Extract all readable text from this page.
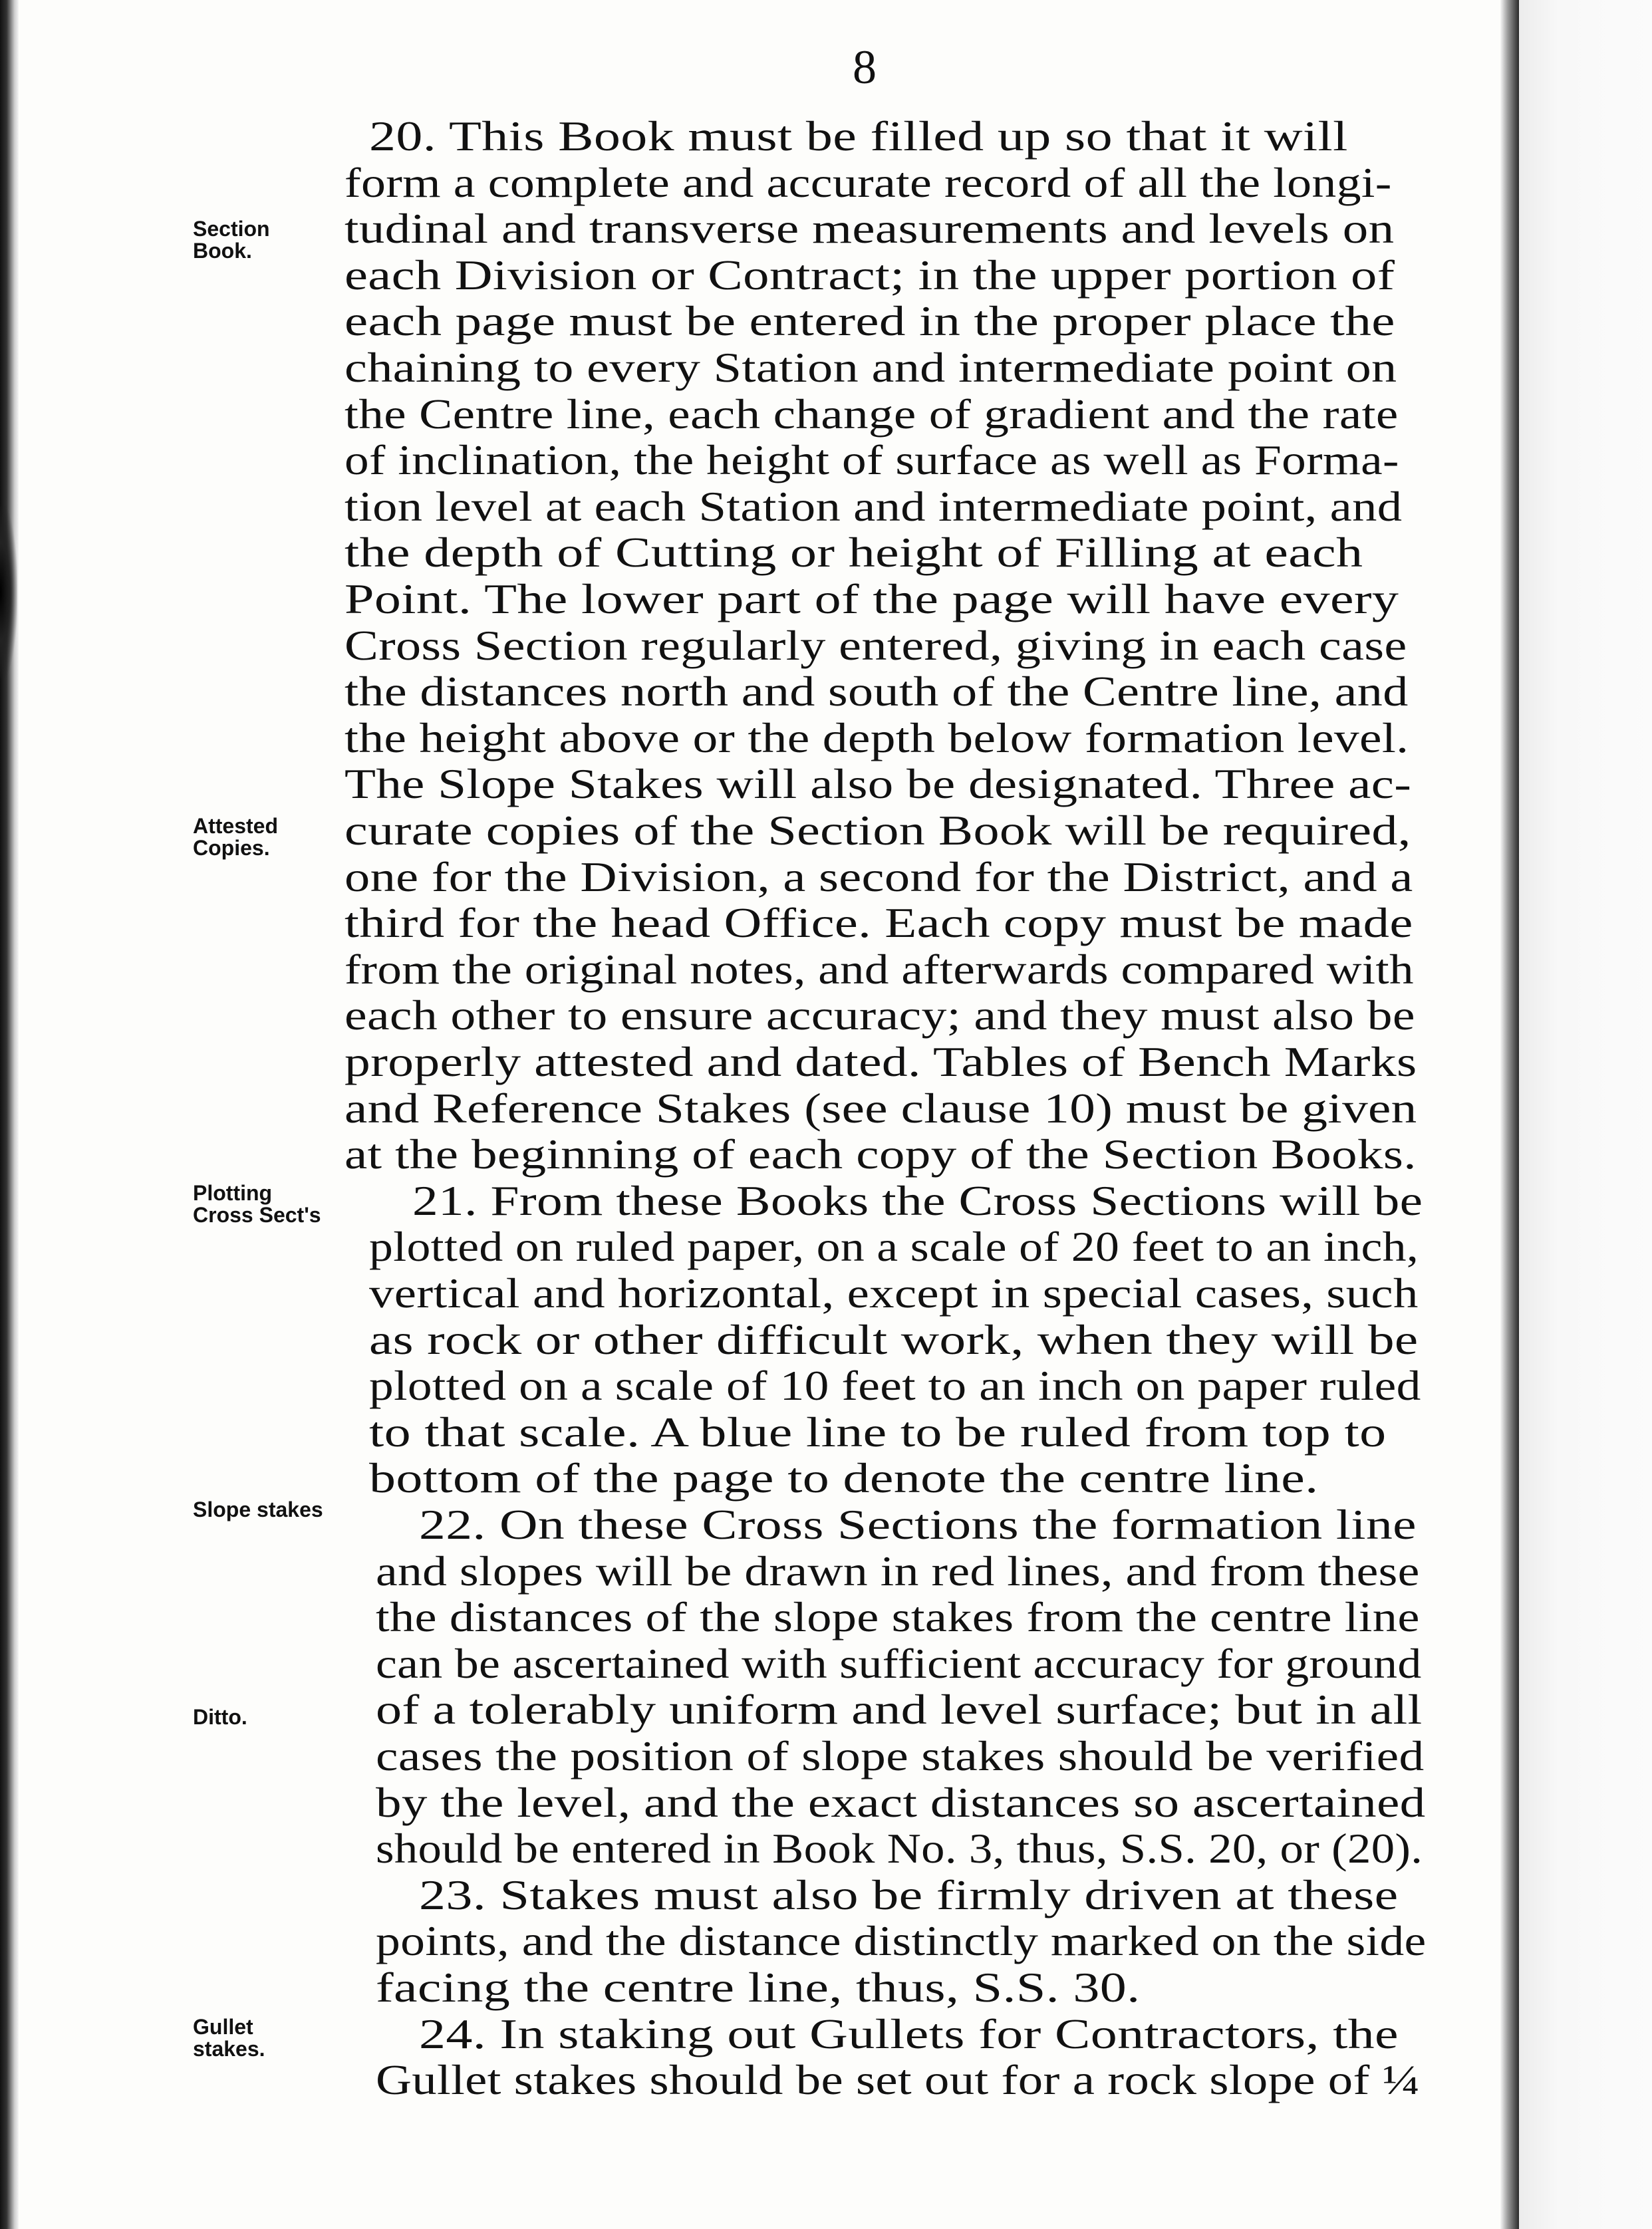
8
Section
Book.
Attested
Copies.
Plotting
Cross Sect's
Slope stakes
Ditto.
Gullet
stakes.
20. This Book must be filled up so that it will
form a complete and accurate record of all the longi-
tudinal and transverse measurements and levels on
each Division or Contract; in the upper portion of
each page must be entered in the proper place the
chaining to every Station and intermediate point on
the Centre line, each change of gradient and the rate
of inclination, the height of surface as well as Forma-
tion level at each Station and intermediate point, and
the depth of Cutting or height of Filling at each
Point. The lower part of the page will have every
Cross Section regularly entered, giving in each case
the distances north and south of the Centre line, and
the height above or the depth below formation level.
The Slope Stakes will also be designated. Three ac-
curate copies of the Section Book will be required,
one for the Division, a second for the District, and a
third for the head Office. Each copy must be made
from the original notes, and afterwards compared with
each other to ensure accuracy; and they must also be
properly attested and dated. Tables of Bench Marks
and Reference Stakes (see clause 10) must be given
at the beginning of each copy of the Section Books.
21. From these Books the Cross Sections will be
plotted on ruled paper, on a scale of 20 feet to an inch,
vertical and horizontal, except in special cases, such
as rock or other difficult work, when they will be
plotted on a scale of 10 feet to an inch on paper ruled
to that scale. A blue line to be ruled from top to
bottom of the page to denote the centre line.
22. On these Cross Sections the formation line
and slopes will be drawn in red lines, and from these
the distances of the slope stakes from the centre line
can be ascertained with sufficient accuracy for ground
of a tolerably uniform and level surface; but in all
cases the position of slope stakes should be verified
by the level, and the exact distances so ascertained
should be entered in Book No. 3, thus, S.S. 20, or (20).
23. Stakes must also be firmly driven at these
points, and the distance distinctly marked on the side
facing the centre line, thus, S.S. 30.
24. In staking out Gullets for Contractors, the
Gullet stakes should be set out for a rock slope of ¼
